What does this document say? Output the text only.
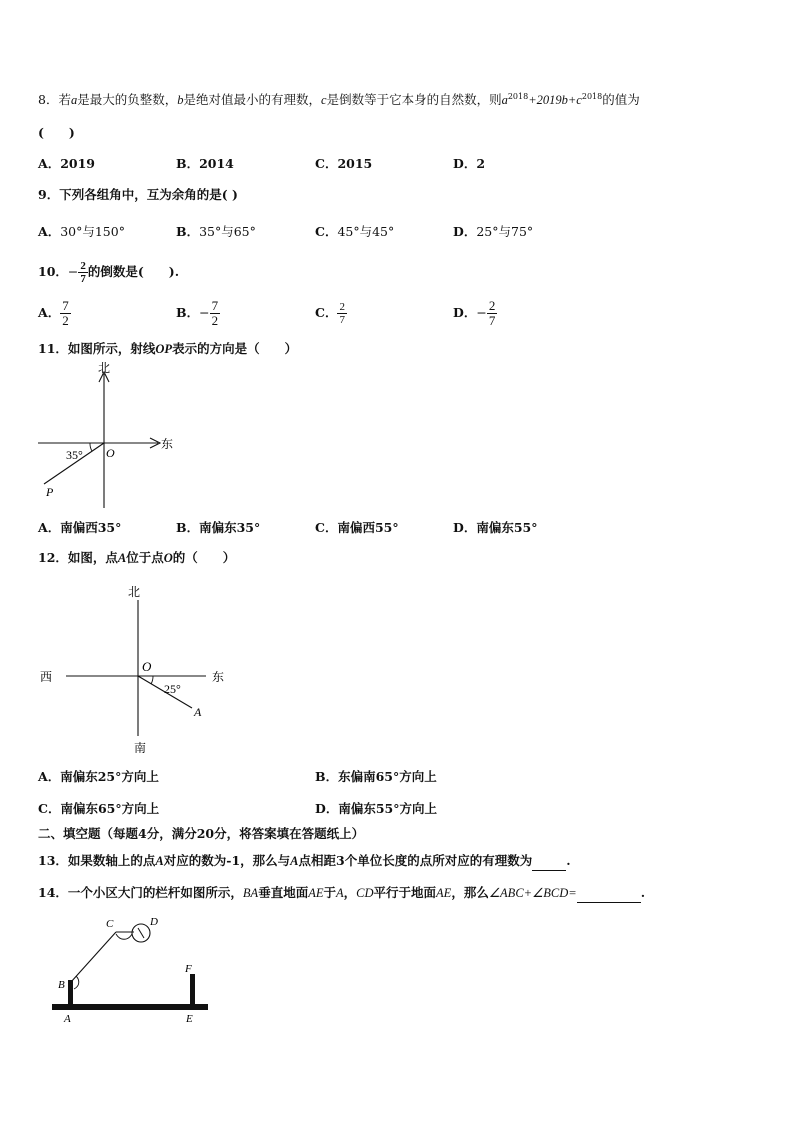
8．若a是最大的负整数，b是绝对值最小的有理数，c是倒数等于它本身的自然数，则$a^{2018}+2019b+c^{2018}$的值为
(　　)
A．2019	B．2014	C．2015	D．2
9．下列各组角中，互为余角的是( )
A．30°与150°	B．35°与65°	C．45°与45°	D．25°与75°
10．− $\frac{2}{7}$ 的倒数是(　　).
A． $\frac{7}{2}$	B．− $\frac{7}{2}$	C． $\frac{2}{7}$	D．− $\frac{2}{7}$
11．如图所示，射线OP表示的方向是（　　）
北
东
35° O
P
A．南偏西35°	B．南偏东35°	C．南偏西55°	D．南偏东55°
12．如图，点A位于点O的（　　）
北
西	东
南
O
25°
A
A．南偏东25°方向上	B．东偏南65°方向上
C．南偏东65°方向上	D．南偏东55°方向上
二、填空题（每题4分，满分20分，将答案填在答题纸上）
13．如果数轴上的点A对应的数为-1，那么与A点相距3个单位长度的点所对应的有理数为	.
14．一个小区大门的栏杆如图所示，BA垂直地面AE于A，CD平行于地面AE，那么∠ABC+∠BCD=	.
B
C	D
F
A	E
